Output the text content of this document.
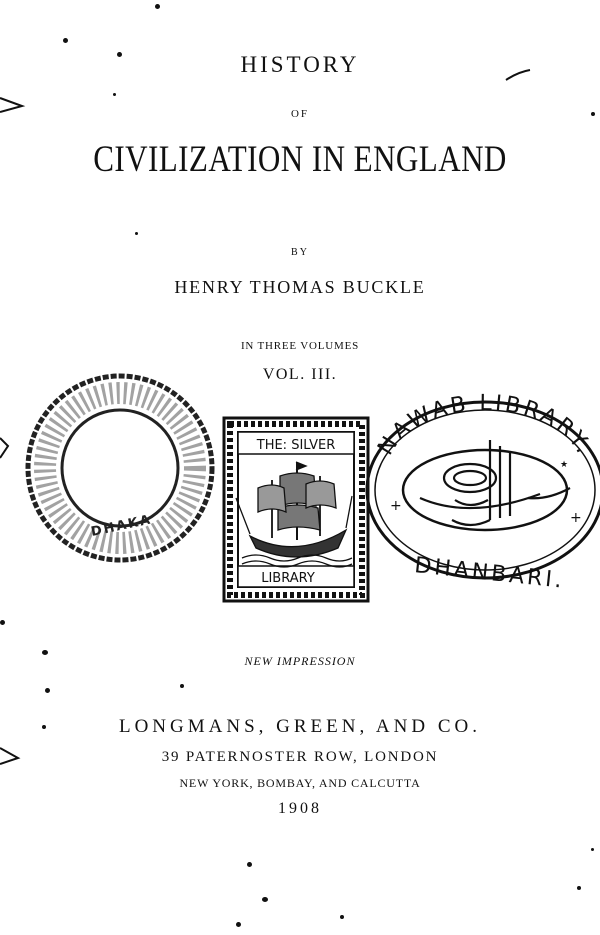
HISTORY
OF
CIVILIZATION IN ENGLAND
BY
HENRY THOMAS BUCKLE
IN THREE VOLUMES
VOL. III.
DHAKA
THE: SILVER
LIBRARY
NAWAB LIBRARY.
DHANBARI.
★
+
+
NEW IMPRESSION
LONGMANS, GREEN, AND CO.
39 PATERNOSTER ROW, LONDON
NEW YORK, BOMBAY, AND CALCUTTA
1908
